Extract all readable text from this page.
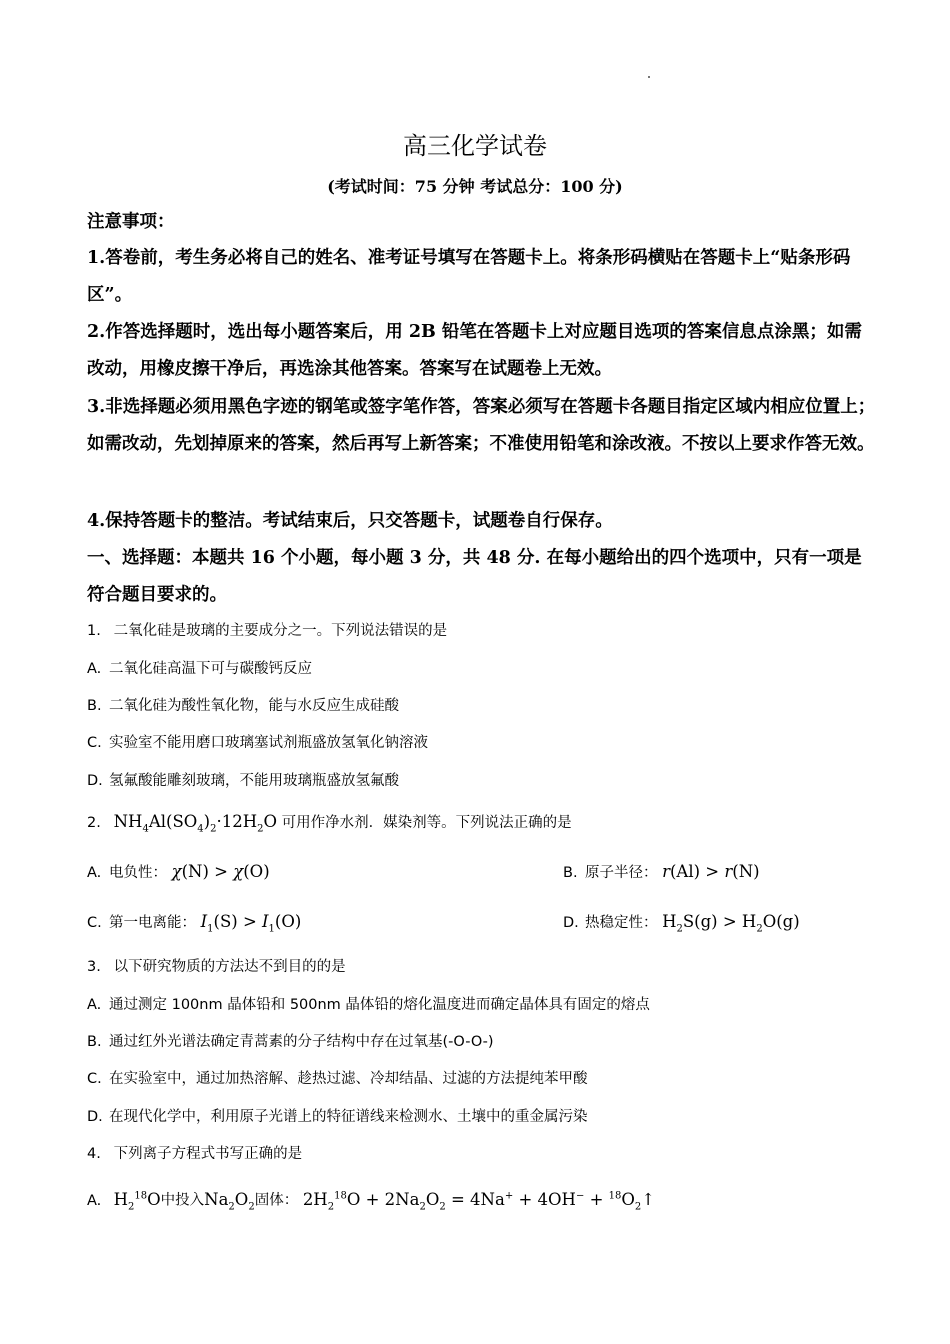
高三化学试卷
(考试时间：75 分钟 考试总分：100 分)
注意事项：
1.答卷前，考生务必将自己的姓名、准考证号填写在答题卡上。将条形码横贴在答题卡上“贴条形码区”。
2.作答选择题时，选出每小题答案后，用 2B 铅笔在答题卡上对应题目选项的答案信息点涂黑；如需改动，用橡皮擦干净后，再选涂其他答案。答案写在试题卷上无效。
3.非选择题必须用黑色字迹的钢笔或签字笔作答，答案必须写在答题卡各题目指定区域内相应位置上；如需改动，先划掉原来的答案，然后再写上新答案；不准使用铅笔和涂改液。不按以上要求作答无效。
4.保持答题卡的整洁。考试结束后，只交答题卡，试题卷自行保存。
一、选择题：本题共 16 个小题，每小题 3 分，共 48 分. 在每小题给出的四个选项中，只有一项是符合题目要求的。
1. 二氧化硅是玻璃的主要成分之一。下列说法错误的是
A. 二氧化硅高温下可与碳酸钙反应
B. 二氧化硅为酸性氧化物，能与水反应生成硅酸
C. 实验室不能用磨口玻璃塞试剂瓶盛放氢氧化钠溶液
D. 氢氟酸能雕刻玻璃，不能用玻璃瓶盛放氢氟酸
2. $NH_4Al(SO_4)_2\cdot 12H_2O$ 可用作净水剂．媒染剂等。下列说法正确的是
A. 电负性： χ(N) > χ(O)	B. 原子半径： r(Al) > r(N)
C. 第一电离能： $I_1(S) > I_1(O)$	D. 热稳定性： $H_2S(g) > H_2O(g)$
3. 以下研究物质的方法达不到目的的是
A. 通过测定 100nm 晶体铅和 500nm 晶体铅的熔化温度进而确定晶体具有固定的熔点
B. 通过红外光谱法确定青蒿素的分子结构中存在过氧基(-O-O-)
C. 在实验室中，通过加热溶解、趁热过滤、冷却结晶、过滤的方法提纯苯甲酸
D. 在现代化学中，利用原子光谱上的特征谱线来检测水、土壤中的重金属污染
4. 下列离子方程式书写正确的是
A. $H_2^{18}O$中投入$Na_2O_2$固体： $2H_2^{18}O + 2Na_2O_2 = 4Na^+ + 4OH^-$ + $^{18}O_2↑$
